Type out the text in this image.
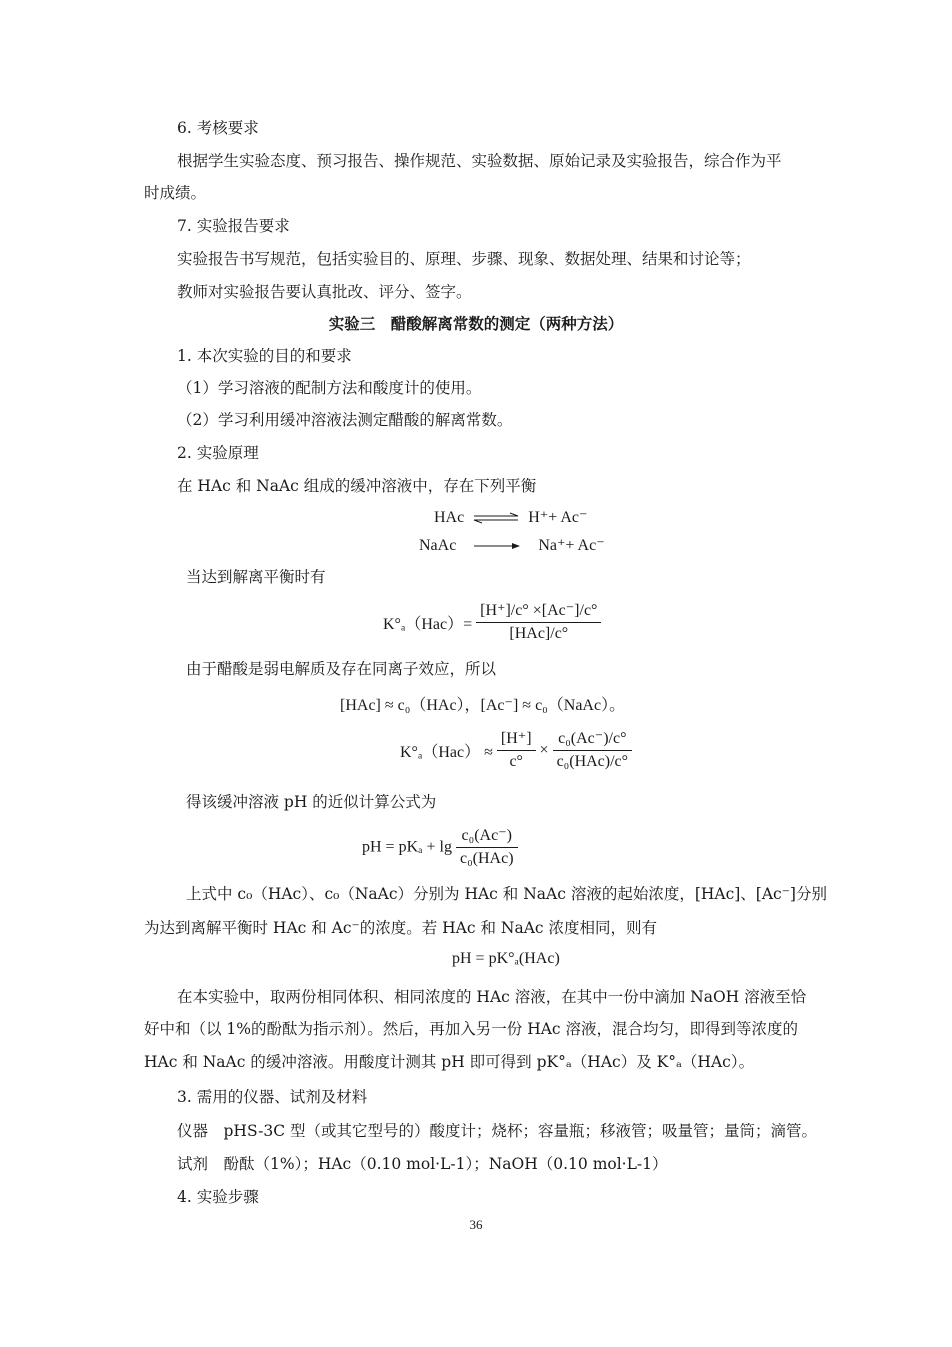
6. 考核要求
根据学生实验态度、预习报告、操作规范、实验数据、原始记录及实验报告，综合作为平
时成绩。
7. 实验报告要求
实验报告书写规范，包括实验目的、原理、步骤、现象、数据处理、结果和讨论等；
教师对实验报告要认真批改、评分、签字。
实验三　醋酸解离常数的测定（两种方法）
1. 本次实验的目的和要求
（1）学习溶液的配制方法和酸度计的使用。
（2）学习利用缓冲溶液法测定醋酸的解离常数。
2. 实验原理
在 HAc 和 NaAc 组成的缓冲溶液中，存在下列平衡
HAc ⇌ H⁺+ Ac⁻
NaAc	Na⁺+ Ac⁻
当达到解离平衡时有
$K^\circ_a(Hac)= \frac{[H^+]/c^\circ \times[Ac^-]/c^\circ}{\text{[HAc]/c°}}$
由于醋酸是弱电解质及存在同离子效应，所以
[HAc] ≈ c₀（HAc），[Ac⁻] ≈ c₀（NaAc）。
$K^\circ_a(Hac) \approx \frac{[H^+]}{c^\circ} \times \frac{\text{c₀(Ac⁻)/c°}}{\text{c₀(HAc)/c°}}$
得该缓冲溶液 pH 的近似计算公式为
pH = $pK_a + \lg \frac{\text{c₀(Ac⁻)}}{\text{c₀(HAc)}}$
上式中 c₀（HAc）、c₀（NaAc）分别为 HAc 和 NaAc 溶液的起始浓度，[HAc]、[Ac⁻]分别
为达到离解平衡时 HAc 和 Ac⁻的浓度。若 HAc 和 NaAc 浓度相同，则有
pH = pK°ₐ(HAc)
在本实验中，取两份相同体积、相同浓度的 HAc 溶液，在其中一份中滴加 NaOH 溶液至恰
好中和（以 1%的酚酞为指示剂）。然后，再加入另一份 HAc 溶液，混合均匀，即得到等浓度的
HAc 和 NaAc 的缓冲溶液。用酸度计测其 pH 即可得到 pK°ₐ（HAc）及 K°ₐ（HAc）。
3. 需用的仪器、试剂及材料
仪器　pHS-3C 型（或其它型号的）酸度计；烧杯；容量瓶；移液管；吸量管；量筒；滴管。
试剂　酚酞（1%）；HAc（0.10 mol·L-1）；NaOH（0.10 mol·L-1）
4. 实验步骤
36
